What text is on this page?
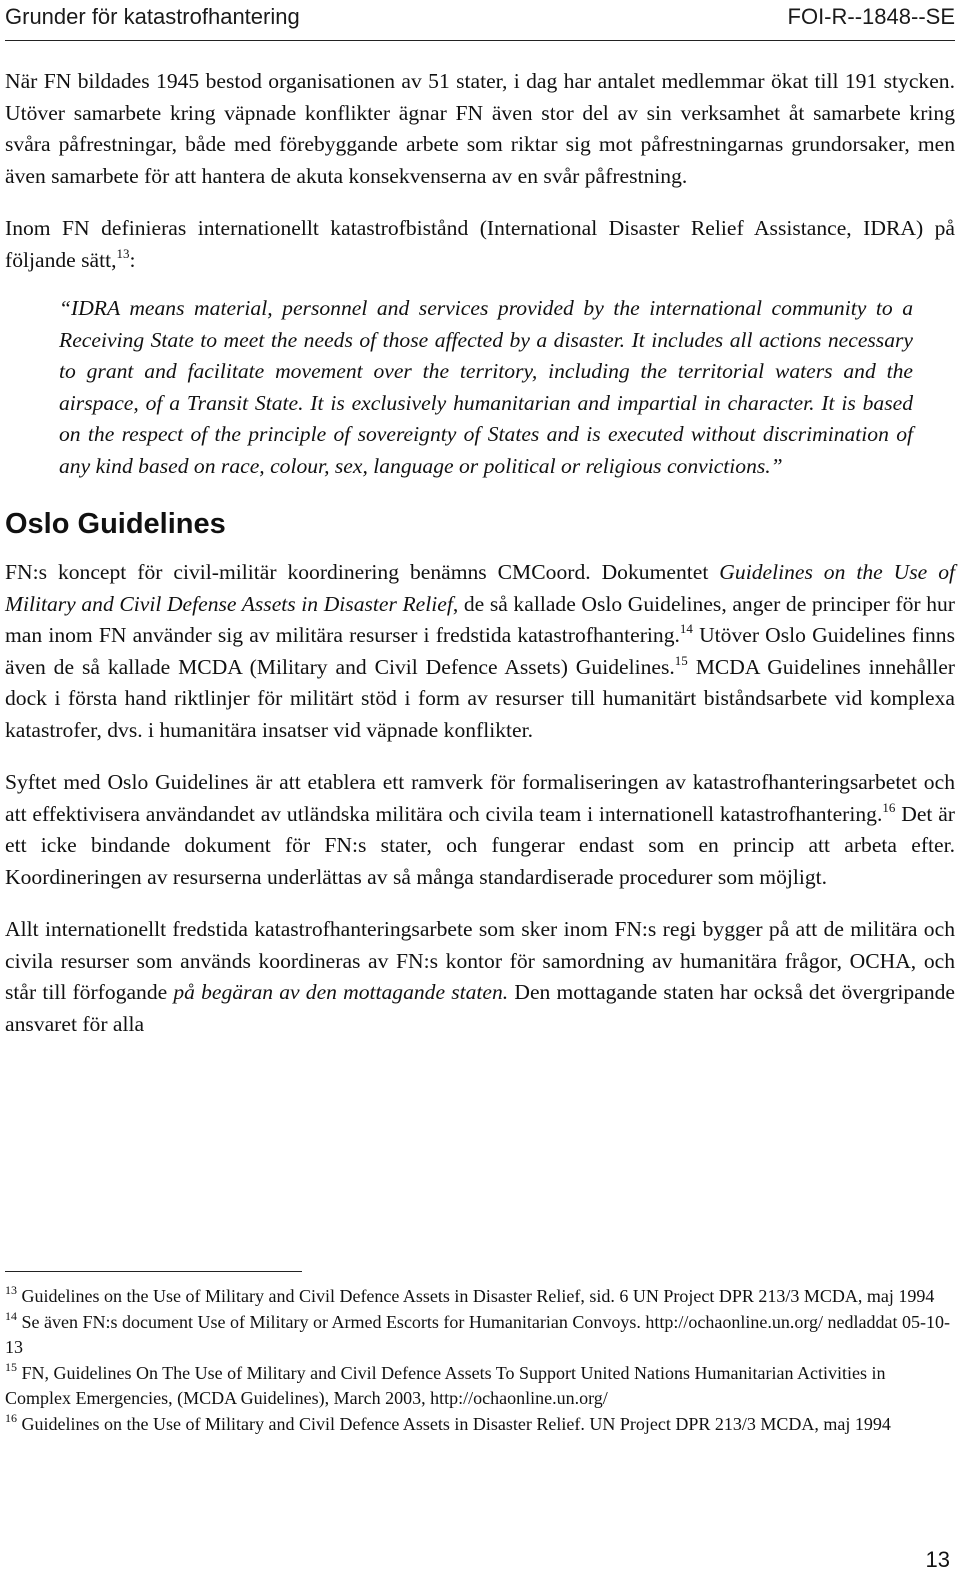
Grunder för katastrofhantering	FOI-R--1848--SE

När FN bildades 1945 bestod organisationen av 51 stater, i dag har antalet medlemmar ökat till 191 stycken. Utöver samarbete kring väpnade konflikter ägnar FN även stor del av sin verksamhet åt samarbete kring svåra påfrestningar, både med förebyggande arbete som riktar sig mot påfrestningarnas grundorsaker, men även samarbete för att hantera de akuta konsekvenserna av en svår påfrestning.

Inom FN definieras internationellt katastrofbistånd (International Disaster Relief Assistance, IDRA) på följande sätt,$^{13}$:

“IDRA means material, personnel and services provided by the international community to a Receiving State to meet the needs of those affected by a disaster. It includes all actions necessary to grant and facilitate movement over the territory, including the territorial waters and the airspace, of a Transit State. It is exclusively humanitarian and impartial in character. It is based on the respect of the principle of sovereignty of States and is executed without discrimination of any kind based on race, colour, sex, language or political or religious convictions.”

Oslo Guidelines

FN:s koncept för civil-militär koordinering benämns CMCoord. Dokumentet Guidelines on the Use of Military and Civil Defense Assets in Disaster Relief, de så kallade Oslo Guidelines, anger de principer för hur man inom FN använder sig av militära resurser i fredstida katastrofhantering.$^{14}$ Utöver Oslo Guidelines finns även de så kallade MCDA (Military and Civil Defence Assets) Guidelines.$^{15}$ MCDA Guidelines innehåller dock i första hand riktlinjer för militärt stöd i form av resurser till humanitärt biståndsarbete vid komplexa katastrofer, dvs. i humanitära insatser vid väpnade konflikter.

Syftet med Oslo Guidelines är att etablera ett ramverk för formaliseringen av katastrofhanteringsarbetet och att effektivisera användandet av utländska militära och civila team i internationell katastrofhantering.$^{16}$ Det är ett icke bindande dokument för FN:s stater, och fungerar endast som en princip att arbeta efter. Koordineringen av resurserna underlättas av så många standardiserade procedurer som möjligt.

Allt internationellt fredstida katastrofhanteringsarbete som sker inom FN:s regi bygger på att de militära och civila resurser som används koordineras av FN:s kontor för samordning av humanitära frågor, OCHA, och står till förfogande på begäran av den mottagande staten. Den mottagande staten har också det övergripande ansvaret för alla

$^{13}$ Guidelines on the Use of Military and Civil Defence Assets in Disaster Relief, sid. 6 UN Project DPR 213/3 MCDA, maj 1994

$^{14}$ Se även FN:s document Use of Military or Armed Escorts for Humanitarian Convoys. http://ochaonline.un.org/ nedladdat 05-10-13

$^{15}$ FN, Guidelines On The Use of Military and Civil Defence Assets To Support United Nations Humanitarian Activities in Complex Emergencies, (MCDA Guidelines), March 2003, http://ochaonline.un.org/

$^{16}$ Guidelines on the Use of Military and Civil Defence Assets in Disaster Relief. UN Project DPR 213/3 MCDA, maj 1994

13
